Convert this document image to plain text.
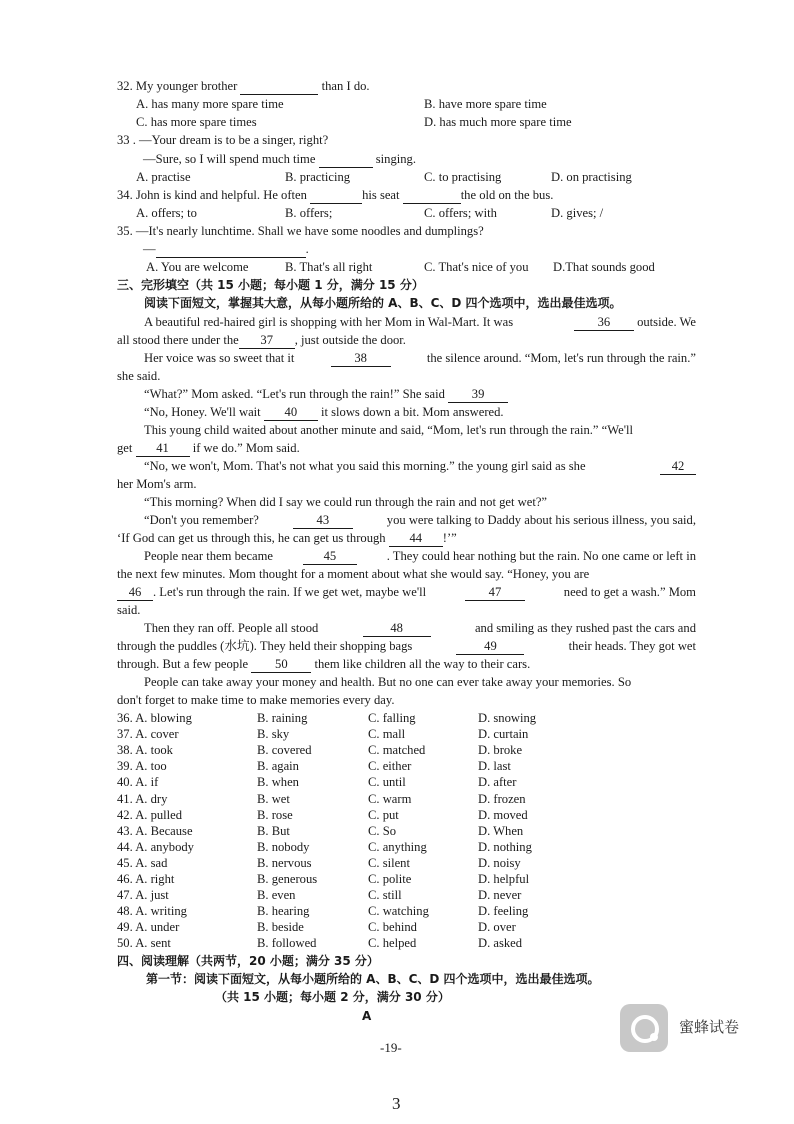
32. My younger brother	than I do.
A. has many more spare time	B. have more spare time
C. has more spare times	D. has much more spare time
33 . —Your dream is to be a singer, right?
—Sure, so I will spend much time	singing.
A. practise	B. practicing	C. to practising	D. on practising
34. John is kind and helpful. He often	his seat	the old on the bus.
A. offers; to	B. offers;	C. offers; with	D. gives; /
35. —It's nearly lunchtime. Shall we have some noodles and dumplings?
—	.
A. You are welcome	B. That's all right	C. That's nice of you D.That sounds good
三、完形填空（共 15 小题；每小题 1 分，满分 15 分）
阅读下面短文，掌握其大意，从每小题所给的 A、B、C、D 四个选项中，选出最佳选项。
A beautiful red-haired girl is shopping with her Mom in Wal-Mart. It was	36 outside. We
all stood there under the 37 , just outside the door.
Her voice was so sweet that it	38	the silence around. “Mom, let's run through the rain.”
she said.
“What?” Mom asked. “Let's run through the rain!” She said 39
“No, Honey. We'll wait 40 it slows down a bit. Mom answered.
This young child waited about another minute and said, “Mom, let's run through the rain.” “We'll
get 41 if we do.” Mom said.
“No, we won't, Mom. That's not what you said this morning.” the young girl said as she	42
her Mom's arm.
“This morning? When did I say we could run through the rain and not get wet?”
“Don't you remember?	43	you were talking to Daddy about his serious illness, you said,
‘If God can get us through this, he can get us through 44 !’”
People near them became	45	. They could hear nothing but the rain. No one came or left in
the next few minutes. Mom thought for a moment about what she would say. “Honey, you are
46 . Let's run through the rain. If we get wet, maybe we'll	47	need to get a wash.” Mom
said.
Then they ran off. People all stood	48	and smiling as they rushed past the cars and
through the puddles (水坑). They held their shopping bags	49	their heads. They got wet
through. But a few people 50 them like children all the way to their cars.
People can take away your money and health. But no one can ever take away your memories. So
don't forget to make time to make memories every day.
36. A. blowing	B. raining	C. falling	D. snowing
37. A. cover	B. sky	C. mall	D. curtain
38. A. took	B. covered	C. matched	D. broke
39. A. too	B. again	C. either	D. last
40. A. if	B. when	C. until	D. after
41. A. dry	B. wet	C. warm	D. frozen
42. A. pulled	B. rose	C. put	D. moved
43. A. Because	B. But	C. So	D. When
44. A. anybody	B. nobody	C. anything	D. nothing
45. A. sad	B. nervous	C. silent	D. noisy
46. A. right	B. generous	C. polite	D. helpful
47. A. just	B. even	C. still	D. never
48. A. writing	B. hearing	C. watching	D. feeling
49. A. under	B. beside	C. behind	D. over
50. A. sent	B. followed	C. helped	D. asked
四、阅读理解（共两节，20 小题；满分 35 分）
第一节：阅读下面短文，从每小题所给的 A、B、C、D 四个选项中，选出最佳选项。
（共 15 小题；每小题 2 分，满分 30 分）
A
-19-
3
蜜蜂试卷
